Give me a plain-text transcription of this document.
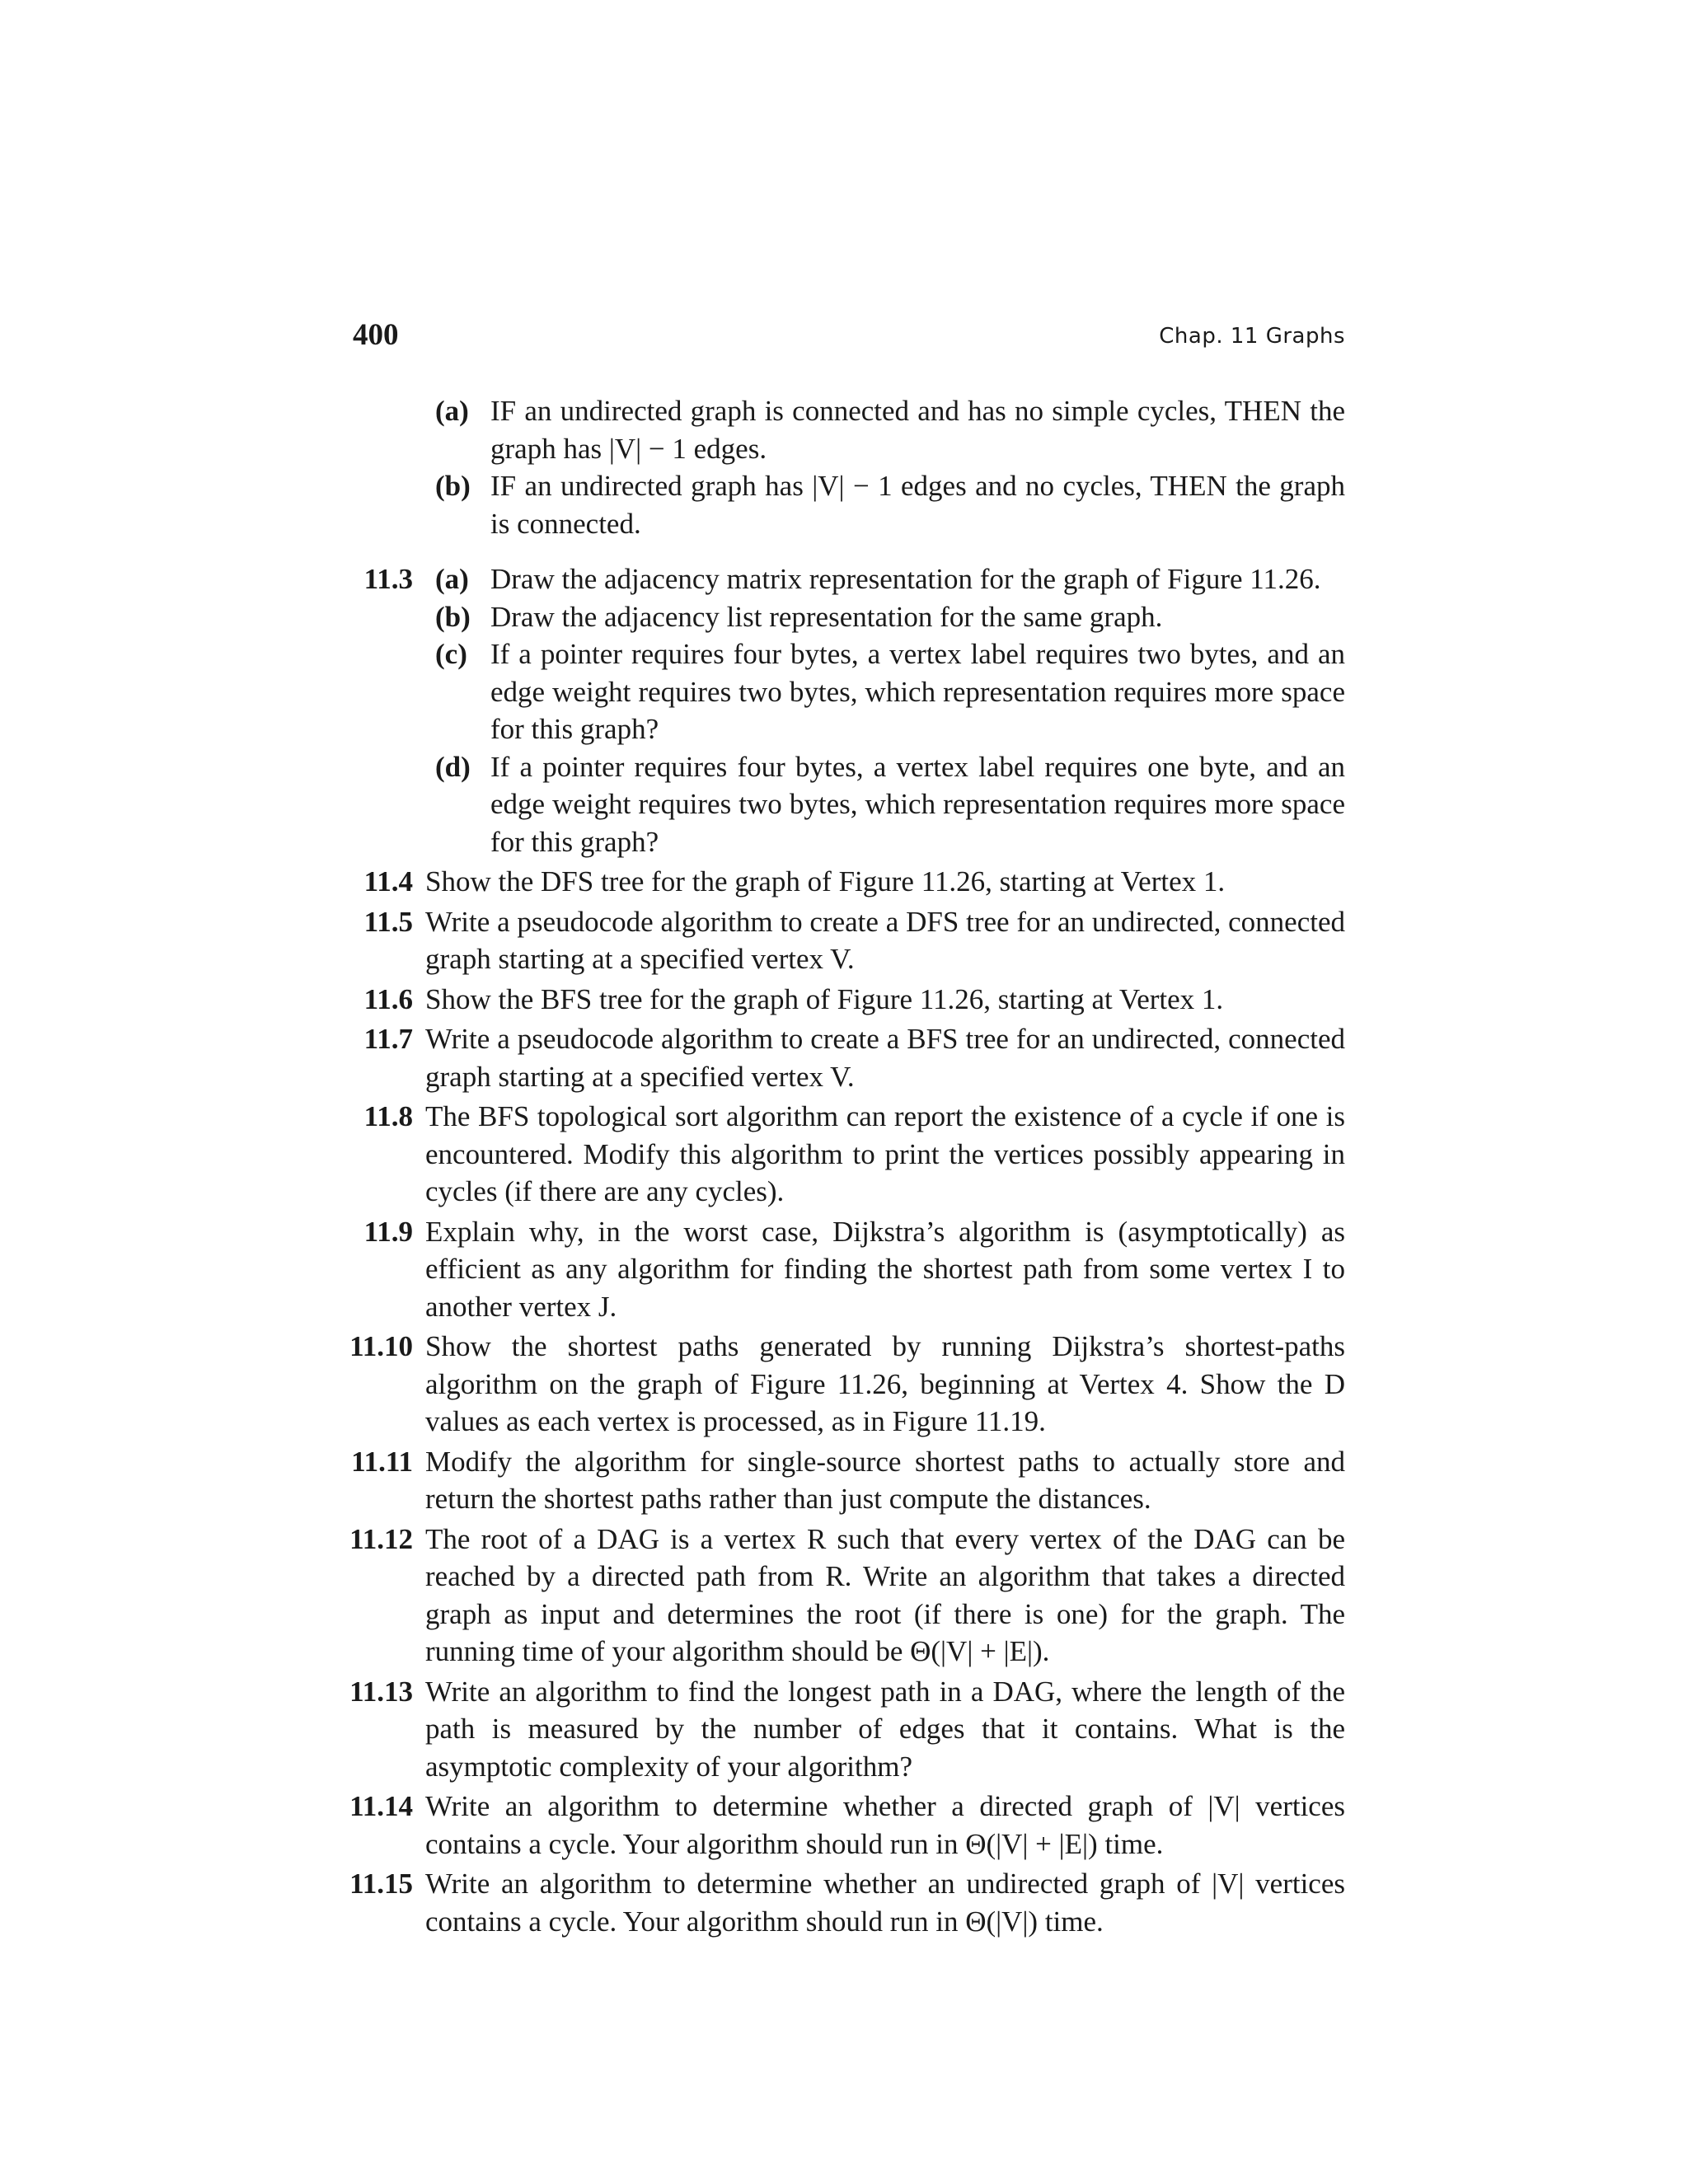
400	Chap. 11 Graphs
(a) IF an undirected graph is connected and has no simple cycles, THEN the graph has |V| − 1 edges.
(b) IF an undirected graph has |V| − 1 edges and no cycles, THEN the graph is connected.
11.3 (a) Draw the adjacency matrix representation for the graph of Figure 11.26.
(b) Draw the adjacency list representation for the same graph.
(c) If a pointer requires four bytes, a vertex label requires two bytes, and an edge weight requires two bytes, which representation requires more space for this graph?
(d) If a pointer requires four bytes, a vertex label requires one byte, and an edge weight requires two bytes, which representation requires more space for this graph?
11.4 Show the DFS tree for the graph of Figure 11.26, starting at Vertex 1.
11.5 Write a pseudocode algorithm to create a DFS tree for an undirected, connected graph starting at a specified vertex V.
11.6 Show the BFS tree for the graph of Figure 11.26, starting at Vertex 1.
11.7 Write a pseudocode algorithm to create a BFS tree for an undirected, connected graph starting at a specified vertex V.
11.8 The BFS topological sort algorithm can report the existence of a cycle if one is encountered. Modify this algorithm to print the vertices possibly appearing in cycles (if there are any cycles).
11.9 Explain why, in the worst case, Dijkstra’s algorithm is (asymptotically) as efficient as any algorithm for finding the shortest path from some vertex I to another vertex J.
11.10 Show the shortest paths generated by running Dijkstra’s shortest-paths algorithm on the graph of Figure 11.26, beginning at Vertex 4. Show the D values as each vertex is processed, as in Figure 11.19.
11.11 Modify the algorithm for single-source shortest paths to actually store and return the shortest paths rather than just compute the distances.
11.12 The root of a DAG is a vertex R such that every vertex of the DAG can be reached by a directed path from R. Write an algorithm that takes a directed graph as input and determines the root (if there is one) for the graph. The running time of your algorithm should be Θ(|V| + |E|).
11.13 Write an algorithm to find the longest path in a DAG, where the length of the path is measured by the number of edges that it contains. What is the asymptotic complexity of your algorithm?
11.14 Write an algorithm to determine whether a directed graph of |V| vertices contains a cycle. Your algorithm should run in Θ(|V| + |E|) time.
11.15 Write an algorithm to determine whether an undirected graph of |V| vertices contains a cycle. Your algorithm should run in Θ(|V|) time.
